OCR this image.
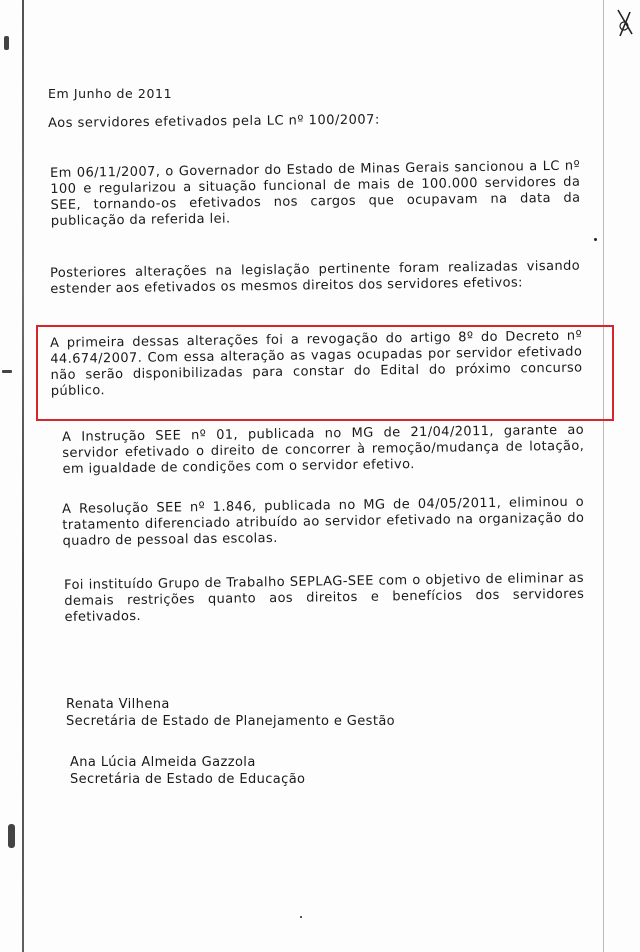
Em Junho de 2011
Aos servidores efetivados pela LC nº 100/2007:
Em 06/11/2007, o Governador do Estado de Minas Gerais sancionou a LC nº 100 e regularizou a situação funcional de mais de 100.000 servidores da SEE, tornando-os efetivados nos cargos que ocupavam na data da publicação da referida lei.
Posteriores alterações na legislação pertinente foram realizadas visando estender aos efetivados os mesmos direitos dos servidores efetivos:
A primeira dessas alterações foi a revogação do artigo 8º do Decreto nº 44.674/2007. Com essa alteração as vagas ocupadas por servidor efetivado não serão disponibilizadas para constar do Edital do próximo concurso público.
A Instrução SEE nº 01, publicada no MG de 21/04/2011, garante ao servidor efetivado o direito de concorrer à remoção/mudança de lotação, em igualdade de condições com o servidor efetivo.
A Resolução SEE nº 1.846, publicada no MG de 04/05/2011, eliminou o tratamento diferenciado atribuído ao servidor efetivado na organização do quadro de pessoal das escolas.
Foi instituído Grupo de Trabalho SEPLAG-SEE com o objetivo de eliminar as demais restrições quanto aos direitos e benefícios dos servidores efetivados.
Renata Vilhena
Secretária de Estado de Planejamento e Gestão
Ana Lúcia Almeida Gazzola
Secretária de Estado de Educação
